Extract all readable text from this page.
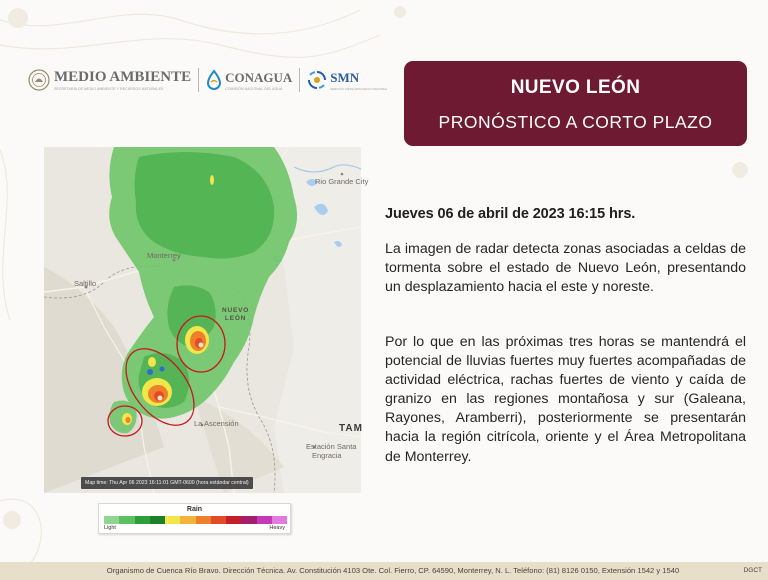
MEDIO AMBIENTE
SECRETARÍA DE MEDIO AMBIENTE Y RECURSOS NATURALES
CONAGUA
COMISIÓN NACIONAL DEL AGUA
SMN
SERVICIO METEOROLÓGICO NACIONAL	NUEVO LEÓN
PRONÓSTICO A CORTO PLAZO
Rio Grande City
Monterrey
Saltillo
La Ascensión
Estación Santa
Engracia
NUEVO
LEÓN
TAM
Map time: Thu Apr 06 2023 16:11:01 GMT-0600 (hora estándar central)
Rain
Light	Heavy
Jueves 06 de abril de 2023 16:15 hrs.
La imagen de radar detecta zonas asociadas a celdas de tormenta sobre el estado de Nuevo León, presentando un desplazamiento hacia el este y noreste.
Por lo que en las próximas tres horas se mantendrá el potencial de lluvias fuertes muy fuertes acompañadas de actividad eléctrica, rachas fuertes de viento y caída de granizo en las regiones montañosa y sur (Galeana, Rayones, Aramberri), posteriormente se presentarán hacia la región citrícola, oriente y el Área Metropolitana de Monterrey.
Organismo de Cuenca Río Bravo. Dirección Técnica. Av. Constitución 4103 Ote. Col. Fierro, CP. 64590, Monterrey, N. L. Teléfono: (81) 8126 0150, Extensión 1542 y 1540	DGCT
